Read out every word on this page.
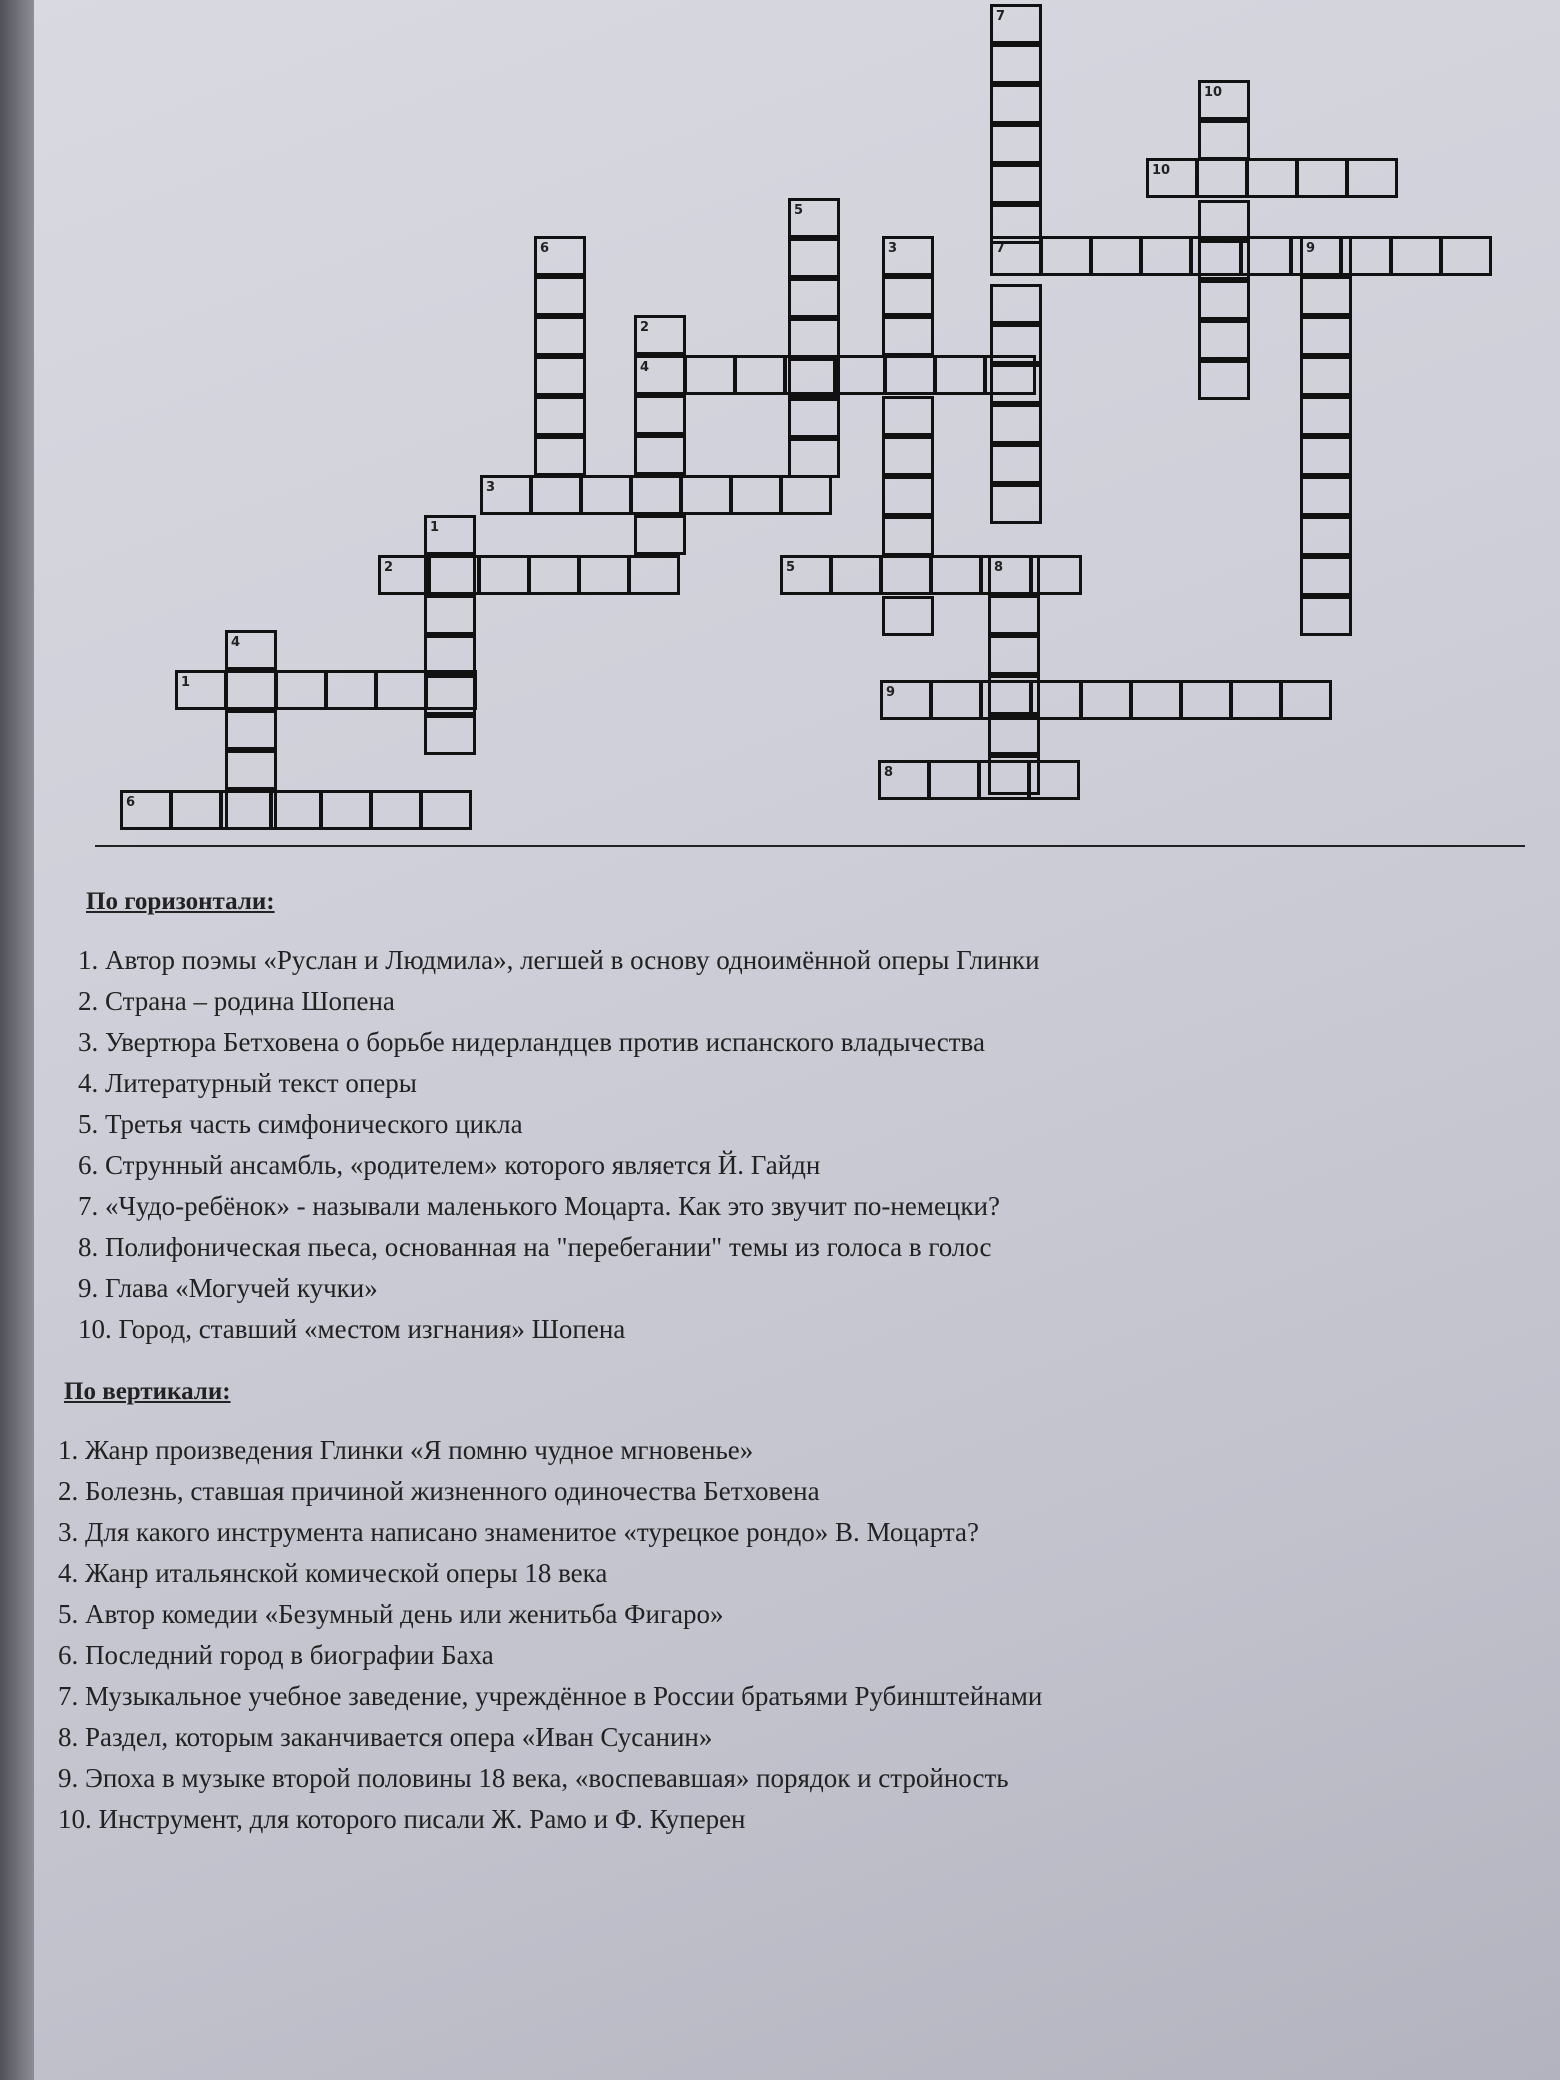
1
2
3
4
5
6
7
8
9
10
1
2
3
4
5
6
7
8
9
10
По горизонтали:
1. Автор поэмы «Руслан и Людмила», легшей в основу одноимённой оперы Глинки
2. Страна – родина Шопена
3. Увертюра Бетховена о борьбе нидерландцев против испанского владычества
4. Литературный текст оперы
5. Третья часть симфонического цикла
6. Струнный ансамбль, «родителем» которого является Й. Гайдн
7. «Чудо-ребёнок» - называли маленького Моцарта. Как это звучит по-немецки?
8. Полифоническая пьеса, основанная на "перебегании" темы из голоса в голос
9. Глава «Могучей кучки»
10. Город, ставший «местом изгнания» Шопена
По вертикали:
1. Жанр произведения Глинки «Я помню чудное мгновенье»
2. Болезнь, ставшая причиной жизненного одиночества Бетховена
3. Для какого инструмента написано знаменитое «турецкое рондо» В. Моцарта?
4. Жанр итальянской комической оперы 18 века
5. Автор комедии «Безумный день или женитьба Фигаро»
6. Последний город в биографии Баха
7. Музыкальное учебное заведение, учреждённое в России братьями Рубинштейнами
8. Раздел, которым заканчивается опера «Иван Сусанин»
9. Эпоха в музыке второй половины 18 века, «воспевавшая» порядок и стройность
10. Инструмент, для которого писали Ж. Рамо и Ф. Куперен
